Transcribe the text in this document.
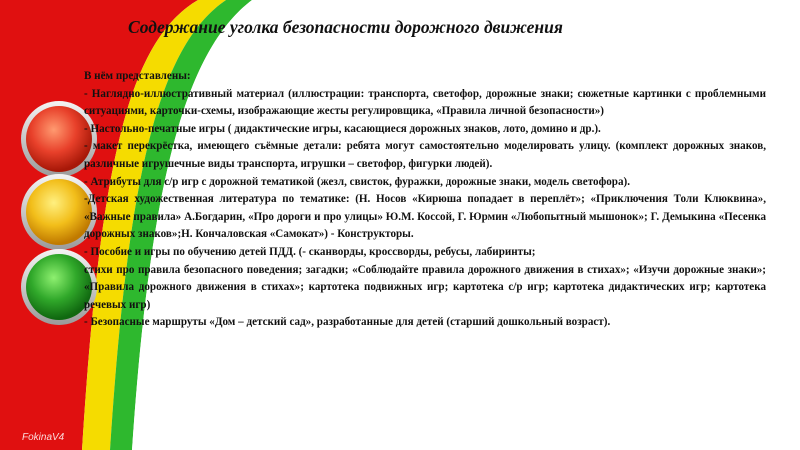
Содержание уголка безопасности дорожного движения

В нём представлены:

- Наглядно-иллюстративный материал (иллюстрации: транспорта, светофор, дорожные знаки; сюжетные картинки с проблемными ситуациями, карточки-схемы, изображающие жесты регулировщика, «Правила личной безопасности»)

- Настольно-печатные игры ( дидактические игры, касающиеся дорожных знаков, лото, домино и др.).

- макет перекрёстка, имеющего съёмные детали: ребята могут самостоятельно моделировать улицу. (комплект дорожных знаков, различные игрушечные виды транспорта, игрушки – светофор, фигурки людей).

- Атрибуты для с/р игр с дорожной тематикой (жезл, свисток, фуражки, дорожные знаки, модель светофора).

-Детская художественная литература по тематике: (Н. Носов «Кирюша попадает в переплёт»; «Приключения Толи Клюквина», «Важные правила» А.Богдарин, «Про дороги и про улицы» Ю.М. Коссой, Г. Юрмин «Любопытный мышонок»; Г. Демыкина «Песенка дорожных знаков»;Н. Кончаловская «Самокат») - Конструкторы.

- Пособие и игры по обучению детей ПДД. (- сканворды, кроссворды, ребусы, лабиринты;

стихи про правила безопасного поведения; загадки; «Соблюдайте правила дорожного движения в стихах»; «Изучи дорожные знаки»; «Правила дорожного движения в стихах»; картотека подвижных игр; картотека с/р игр; картотека дидактических игр; картотека речевых игр)

- Безопасные маршруты «Дом – детский сад», разработанные для детей (старший дошкольный возраст).

FokinaV4
